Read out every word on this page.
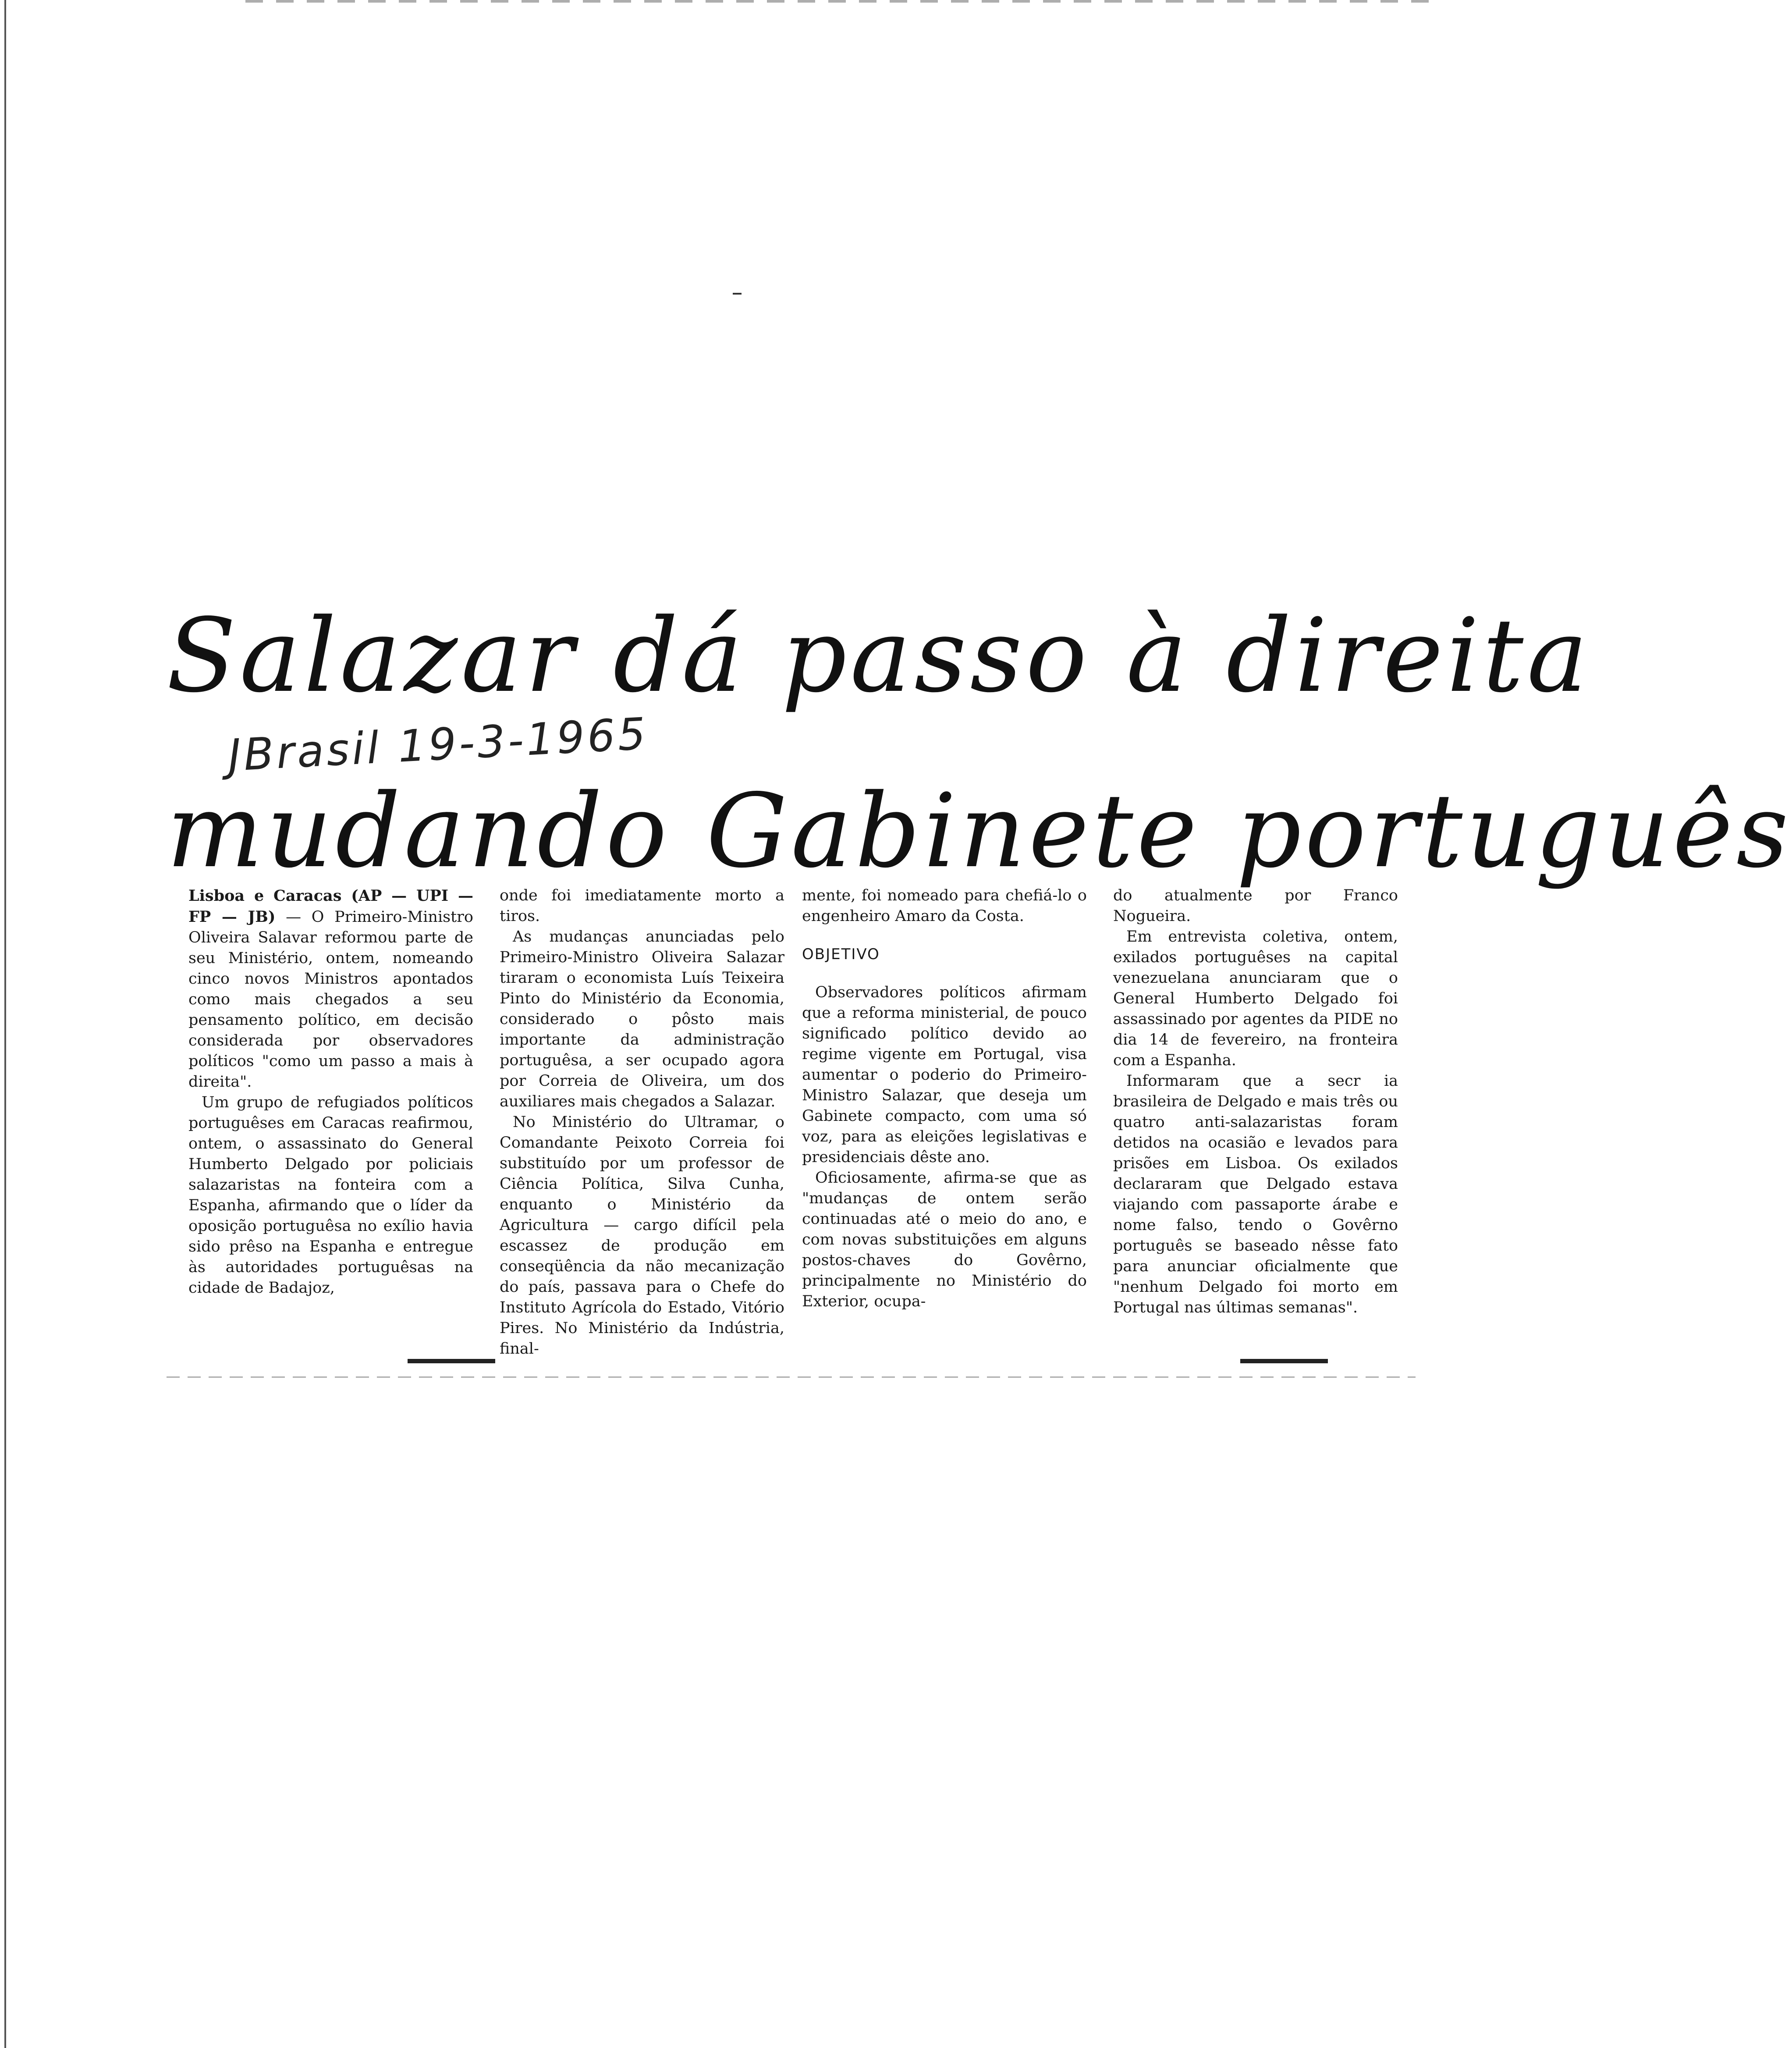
Salazar dá passo à direita
JBrasil 19-3-1965
mudando Gabinete português

Lisboa e Caracas (AP — UPI — FP — JB) — O Primeiro-Ministro Oliveira Salavar reformou parte de seu Ministério, ontem, nomeando cinco novos Ministros apontados como mais chegados a seu pensamento político, em decisão considerada por observadores políticos "como um passo a mais à direita".

Um grupo de refugiados políticos portuguêses em Caracas reafirmou, ontem, o assassinato do General Humberto Delgado por policiais salazaristas na fonteira com a Espanha, afirmando que o líder da oposição portuguêsa no exílio havia sido prêso na Espanha e entregue às autoridades portuguêsas na cidade de Badajoz,

onde foi imediatamente morto a tiros.

As mudanças anunciadas pelo Primeiro-Ministro Oliveira Salazar tiraram o economista Luís Teixeira Pinto do Ministério da Economia, considerado o pôsto mais importante da administração portuguêsa, a ser ocupado agora por Correia de Oliveira, um dos auxiliares mais chegados a Salazar.

No Ministério do Ultramar, o Comandante Peixoto Correia foi substituído por um professor de Ciência Política, Silva Cunha, enquanto o Ministério da Agricultura — cargo difícil pela escassez de produção em conseqüência da não mecanização do país, passava para o Chefe do Instituto Agrícola do Estado, Vitório Pires. No Ministério da Indústria, final-

mente, foi nomeado para chefiá-lo o engenheiro Amaro da Costa.

OBJETIVO

Observadores políticos afirmam que a reforma ministerial, de pouco significado político devido ao regime vigente em Portugal, visa aumentar o poderio do Primeiro-Ministro Salazar, que deseja um Gabinete compacto, com uma só voz, para as eleições legislativas e presidenciais dêste ano.

Oficiosamente, afirma-se que as "mudanças de ontem serão continuadas até o meio do ano, e com novas substituições em alguns postos-chaves do Govêrno, principalmente no Ministério do Exterior, ocupa-

do atualmente por Franco Nogueira.

Em entrevista coletiva, ontem, exilados portuguêses na capital venezuelana anunciaram que o General Humberto Delgado foi assassinado por agentes da PIDE no dia 14 de fevereiro, na fronteira com a Espanha.

Informaram que a secr ia brasileira de Delgado e mais três ou quatro anti-salazaristas foram detidos na ocasião e levados para prisões em Lisboa. Os exilados declararam que Delgado estava viajando com passaporte árabe e nome falso, tendo o Govêrno português se baseado nêsse fato para anunciar oficialmente que "nenhum Delgado foi morto em Portugal nas últimas semanas".
